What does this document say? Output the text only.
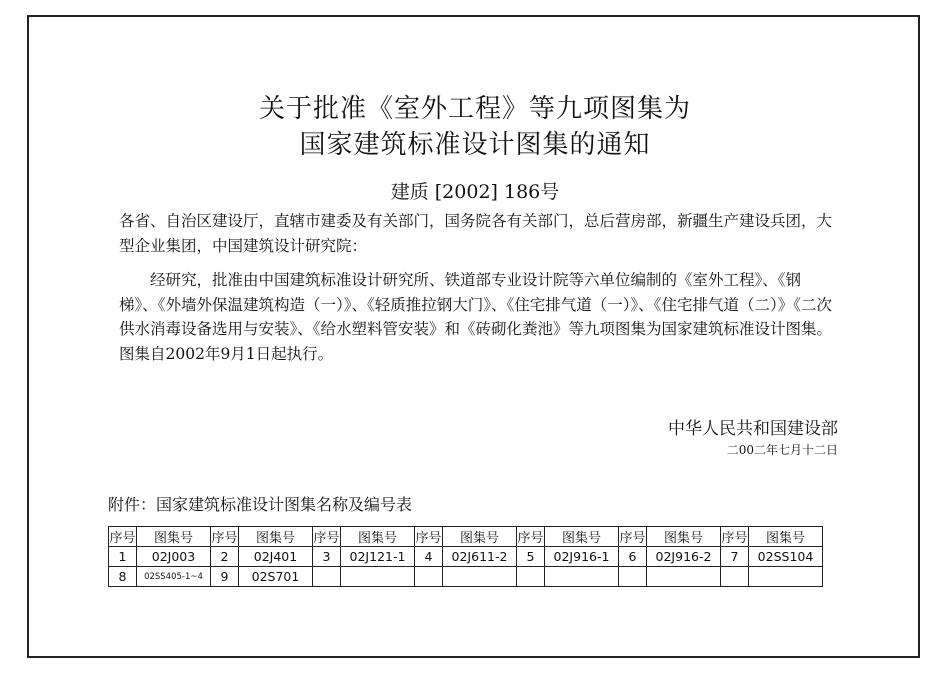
关于批准《室外工程》等九项图集为
国家建筑标准设计图集的通知
建质 [2002] 186号
各省、自治区建设厅，直辖市建委及有关部门，国务院各有关部门，总后营房部，新疆生产建设兵团，大型企业集团，中国建筑设计研究院：
经研究，批准由中国建筑标准设计研究所、铁道部专业设计院等六单位编制的《室外工程》、《钢梯》、《外墙外保温建筑构造（一）》、《轻质推拉钢大门》、《住宅排气道（一）》、《住宅排气道（二）》《二次供水消毒设备选用与安装》、《给水塑料管安装》和《砖砌化粪池》等九项图集为国家建筑标准设计图集。图集自2002年9月1日起执行。
中华人民共和国建设部
二00二年七月十二日
附件：国家建筑标准设计图集名称及编号表
序号	图集号	序号	图集号	序号	图集号	序号	图集号	序号	图集号	序号	图集号	序号	图集号
1	02J003	2	02J401	3	02J121-1	4	02J611-2	5	02J916-1	6	02J916-2	7	02SS104
8	02SS405-1~4	9	02S701										
